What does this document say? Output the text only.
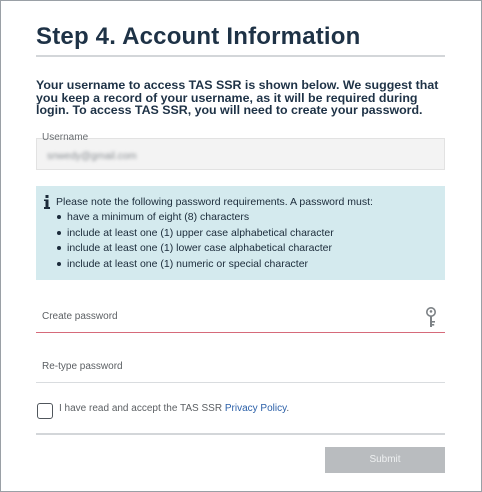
Step 4. Account Information

Your username to access TAS SSR is shown below. We suggest that you keep a record of your username, as it will be required during login. To access TAS SSR, you will need to create your password.

Username
snwedy@gmail.com
Please note the following password requirements. A password must:
have a minimum of eight (8) characters
include at least one (1) upper case alphabetical character
include at least one (1) lower case alphabetical character
include at least one (1) numeric or special character
Create password
Re-type password
I have read and accept the TAS SSR Privacy Policy.
Submit
